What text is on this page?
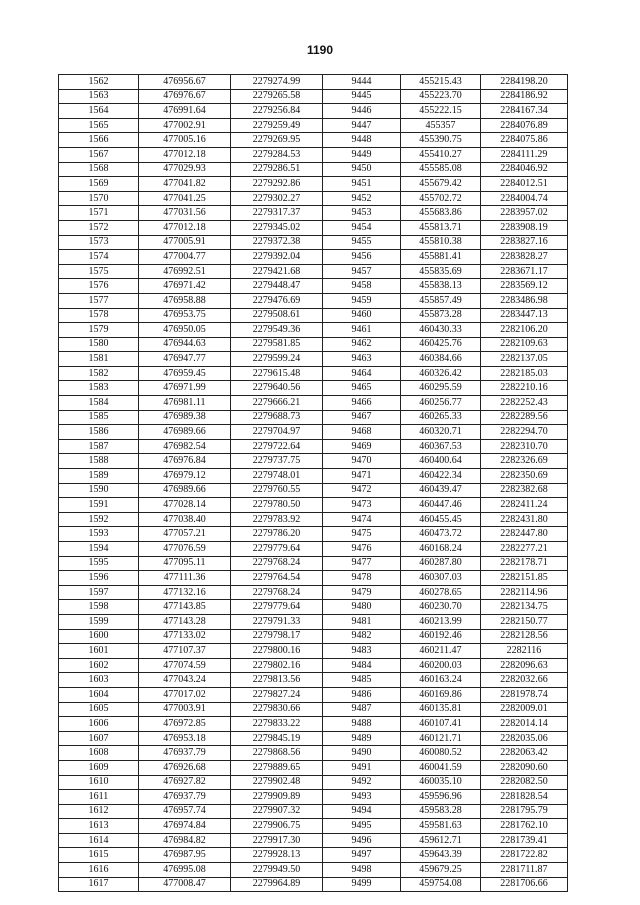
1190
1562	476956.67	2279274.99	9444	455215.43	2284198.20
1563	476976.67	2279265.58	9445	455223.70	2284186.92
1564	476991.64	2279256.84	9446	455222.15	2284167.34
1565	477002.91	2279259.49	9447	455357	2284076.89
1566	477005.16	2279269.95	9448	455390.75	2284075.86
1567	477012.18	2279284.53	9449	455410.27	2284111.29
1568	477029.93	2279286.51	9450	455585.08	2284046.92
1569	477041.82	2279292.86	9451	455679.42	2284012.51
1570	477041.25	2279302.27	9452	455702.72	2284004.74
1571	477031.56	2279317.37	9453	455683.86	2283957.02
1572	477012.18	2279345.02	9454	455813.71	2283908.19
1573	477005.91	2279372.38	9455	455810.38	2283827.16
1574	477004.77	2279392.04	9456	455881.41	2283828.27
1575	476992.51	2279421.68	9457	455835.69	2283671.17
1576	476971.42	2279448.47	9458	455838.13	2283569.12
1577	476958.88	2279476.69	9459	455857.49	2283486.98
1578	476953.75	2279508.61	9460	455873.28	2283447.13
1579	476950.05	2279549.36	9461	460430.33	2282106.20
1580	476944.63	2279581.85	9462	460425.76	2282109.63
1581	476947.77	2279599.24	9463	460384.66	2282137.05
1582	476959.45	2279615.48	9464	460326.42	2282185.03
1583	476971.99	2279640.56	9465	460295.59	2282210.16
1584	476981.11	2279666.21	9466	460256.77	2282252.43
1585	476989.38	2279688.73	9467	460265.33	2282289.56
1586	476989.66	2279704.97	9468	460320.71	2282294.70
1587	476982.54	2279722.64	9469	460367.53	2282310.70
1588	476976.84	2279737.75	9470	460400.64	2282326.69
1589	476979.12	2279748.01	9471	460422.34	2282350.69
1590	476989.66	2279760.55	9472	460439.47	2282382.68
1591	477028.14	2279780.50	9473	460447.46	2282411.24
1592	477038.40	2279783.92	9474	460455.45	2282431.80
1593	477057.21	2279786.20	9475	460473.72	2282447.80
1594	477076.59	2279779.64	9476	460168.24	2282277.21
1595	477095.11	2279768.24	9477	460287.80	2282178.71
1596	477111.36	2279764.54	9478	460307.03	2282151.85
1597	477132.16	2279768.24	9479	460278.65	2282114.96
1598	477143.85	2279779.64	9480	460230.70	2282134.75
1599	477143.28	2279791.33	9481	460213.99	2282150.77
1600	477133.02	2279798.17	9482	460192.46	2282128.56
1601	477107.37	2279800.16	9483	460211.47	2282116
1602	477074.59	2279802.16	9484	460200.03	2282096.63
1603	477043.24	2279813.56	9485	460163.24	2282032.66
1604	477017.02	2279827.24	9486	460169.86	2281978.74
1605	477003.91	2279830.66	9487	460135.81	2282009.01
1606	476972.85	2279833.22	9488	460107.41	2282014.14
1607	476953.18	2279845.19	9489	460121.71	2282035.06
1608	476937.79	2279868.56	9490	460080.52	2282063.42
1609	476926.68	2279889.65	9491	460041.59	2282090.60
1610	476927.82	2279902.48	9492	460035.10	2282082.50
1611	476937.79	2279909.89	9493	459596.96	2281828.54
1612	476957.74	2279907.32	9494	459583.28	2281795.79
1613	476974.84	2279906.75	9495	459581.63	2281762.10
1614	476984.82	2279917.30	9496	459612.71	2281739.41
1615	476987.95	2279928.13	9497	459643.39	2281722.82
1616	476995.08	2279949.50	9498	459679.25	2281711.87
1617	477008.47	2279964.89	9499	459754.08	2281706.66
